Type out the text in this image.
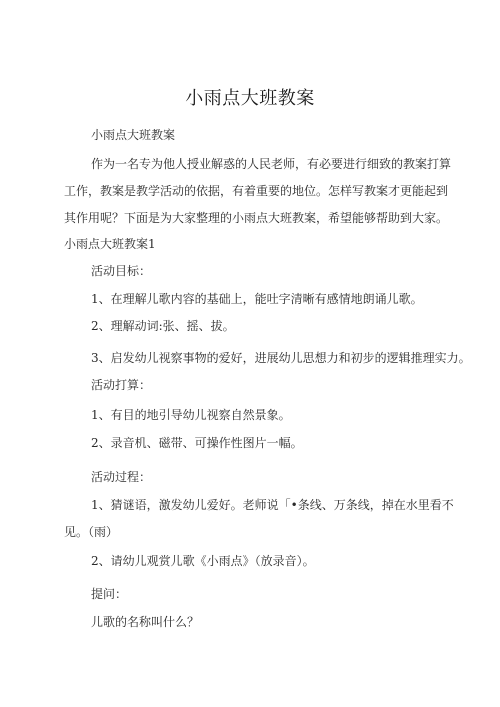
小雨点大班教案
小雨点大班教案
作为一名专为他人授业解惑的人民老师，有必要进行细致的教案打算
工作，教案是教学活动的依据，有着重要的地位。怎样写教案才更能起到
其作用呢？下面是为大家整理的小雨点大班教案，希望能够帮助到大家。
小雨点大班教案1
活动目标：
1、在理解儿歌内容的基础上，能吐字清晰有感情地朗诵儿歌。
2、理解动词:张、摇、拔。
3、启发幼儿视察事物的爱好，进展幼儿思想力和初步的逻辑推理实力。
活动打算：
1、有目的地引导幼儿视察自然景象。
2、录音机、磁带、可操作性图片一幅。
活动过程：
1、猜谜语，激发幼儿爱好。老师说「•条线、万条线，掉在水里看不
见。（雨）
2、请幼儿观赏儿歌《小雨点》（放录音）。
提问：
儿歌的名称叫什么？
